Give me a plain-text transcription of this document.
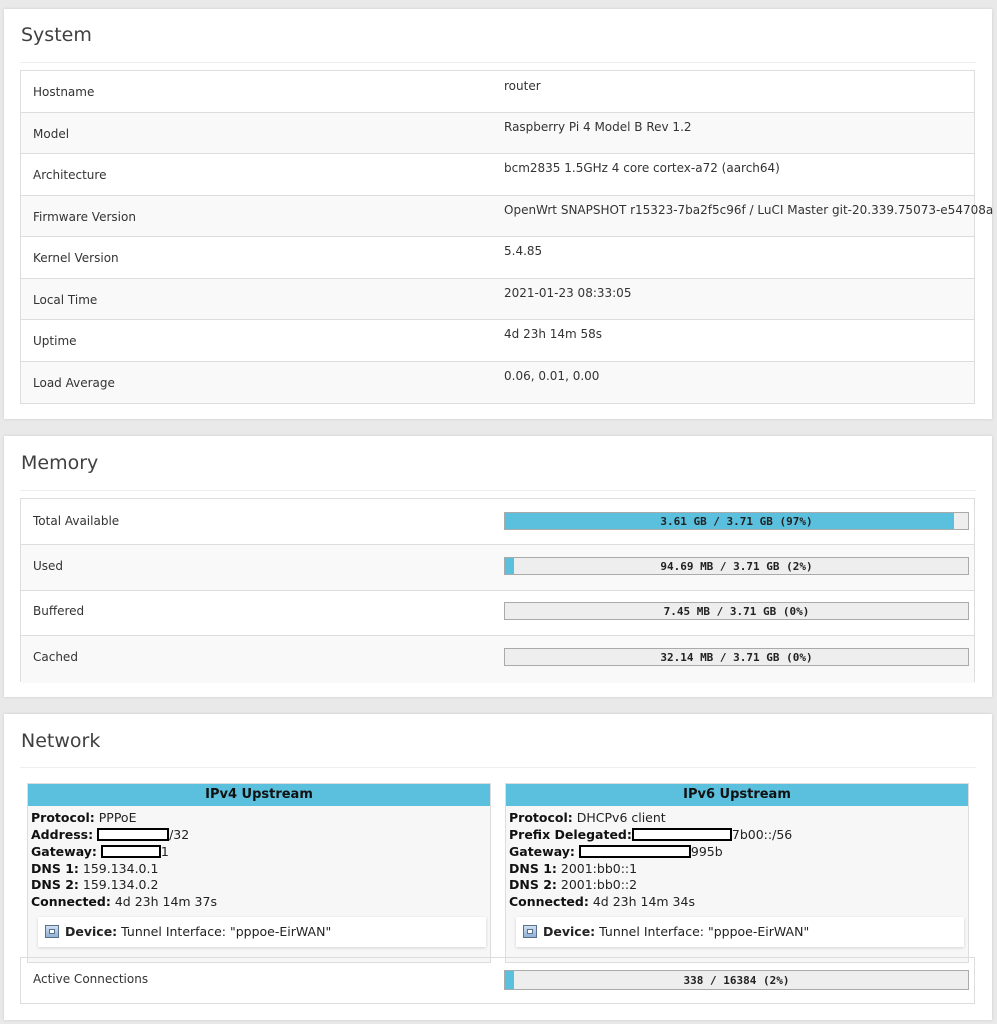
System
Hostname	router
Model	Raspberry Pi 4 Model B Rev 1.2
Architecture	bcm2835 1.5GHz 4 core cortex-a72 (aarch64)
Firmware Version	OpenWrt SNAPSHOT r15323-7ba2f5c96f / LuCI Master git-20.339.75073-e54708a
Kernel Version	5.4.85
Local Time	2021-01-23 08:33:05
Uptime	4d 23h 14m 58s
Load Average	0.06, 0.01, 0.00
Memory
Total Available	3.61 GB / 3.71 GB (97%)
Used	94.69 MB / 3.71 GB (2%)
Buffered	7.45 MB / 3.71 GB (0%)
Cached	32.14 MB / 3.71 GB (0%)
Network
IPv4 Upstream
Protocol: PPPoE
Address:	/32
Gateway:	1
DNS 1: 159.134.0.1
DNS 2: 159.134.0.2
Connected: 4d 23h 14m 37s
Device: Tunnel Interface: "pppoe-EirWAN"
IPv6 Upstream
Protocol: DHCPv6 client
Prefix Delegated:	7b00::/56
Gateway:	995b
DNS 1: 2001:bb0::1
DNS 2: 2001:bb0::2
Connected: 4d 23h 14m 34s
Device: Tunnel Interface: "pppoe-EirWAN"
Active Connections	338 / 16384 (2%)
